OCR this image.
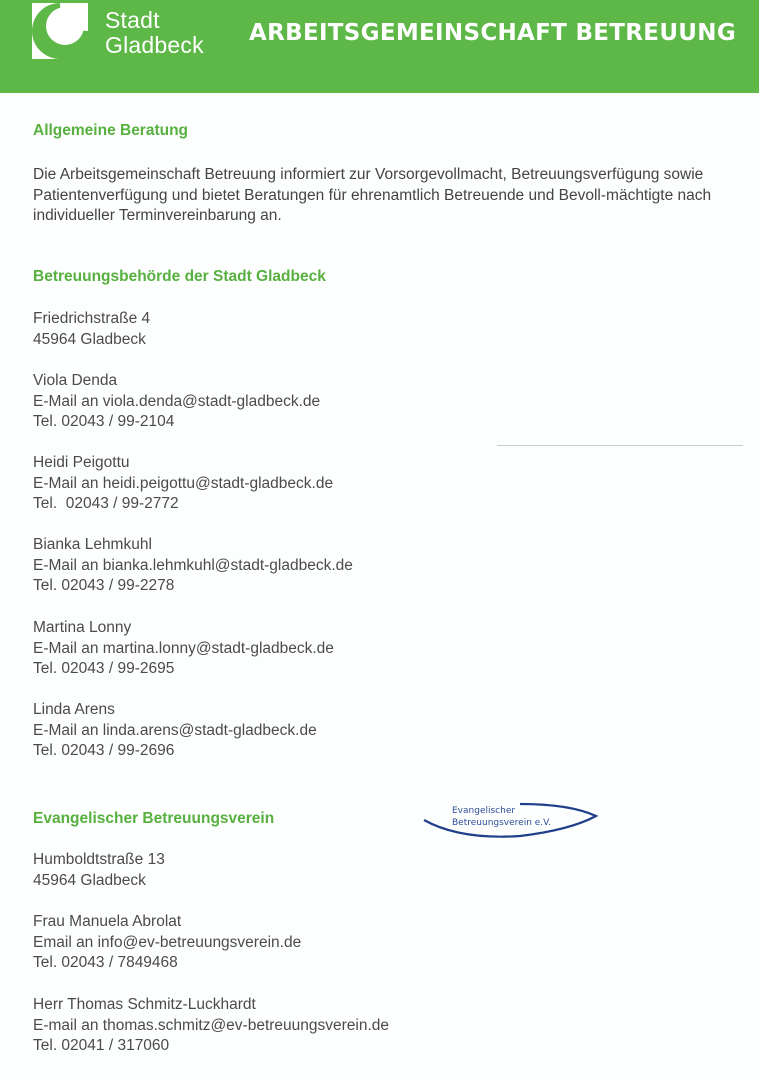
Stadt
Gladbeck ARBEITSGEMEINSCHAFT BETREUUNG
Allgemeine Beratung
Die Arbeitsgemeinschaft Betreuung informiert zur Vorsorgevollmacht, Betreuungsverfügung sowie Patientenverfügung und bietet Beratungen für ehrenamtlich Betreuende und Bevoll-mächtigte nach individueller Terminvereinbarung an.
Betreuungsbehörde der Stadt Gladbeck
Friedrichstraße 4
45964 Gladbeck
Viola Denda
E-Mail an viola.denda@stadt-gladbeck.de
Tel. 02043 / 99-2104
Heidi Peigottu
E-Mail an heidi.peigottu@stadt-gladbeck.de
Tel.  02043 / 99-2772
Bianka Lehmkuhl
E-Mail an bianka.lehmkuhl@stadt-gladbeck.de
Tel. 02043 / 99-2278
Martina Lonny
E-Mail an martina.lonny@stadt-gladbeck.de
Tel. 02043 / 99-2695
Linda Arens
E-Mail an linda.arens@stadt-gladbeck.de
Tel. 02043 / 99-2696
Evangelischer Betreuungsverein	Evangelischer
Betreuungsverein e.V.
Humboldtstraße 13
45964 Gladbeck
Frau Manuela Abrolat
Email an info@ev-betreuungsverein.de
Tel. 02043 / 7849468
Herr Thomas Schmitz-Luckhardt
E-mail an thomas.schmitz@ev-betreuungsverein.de
Tel. 02041 / 317060
